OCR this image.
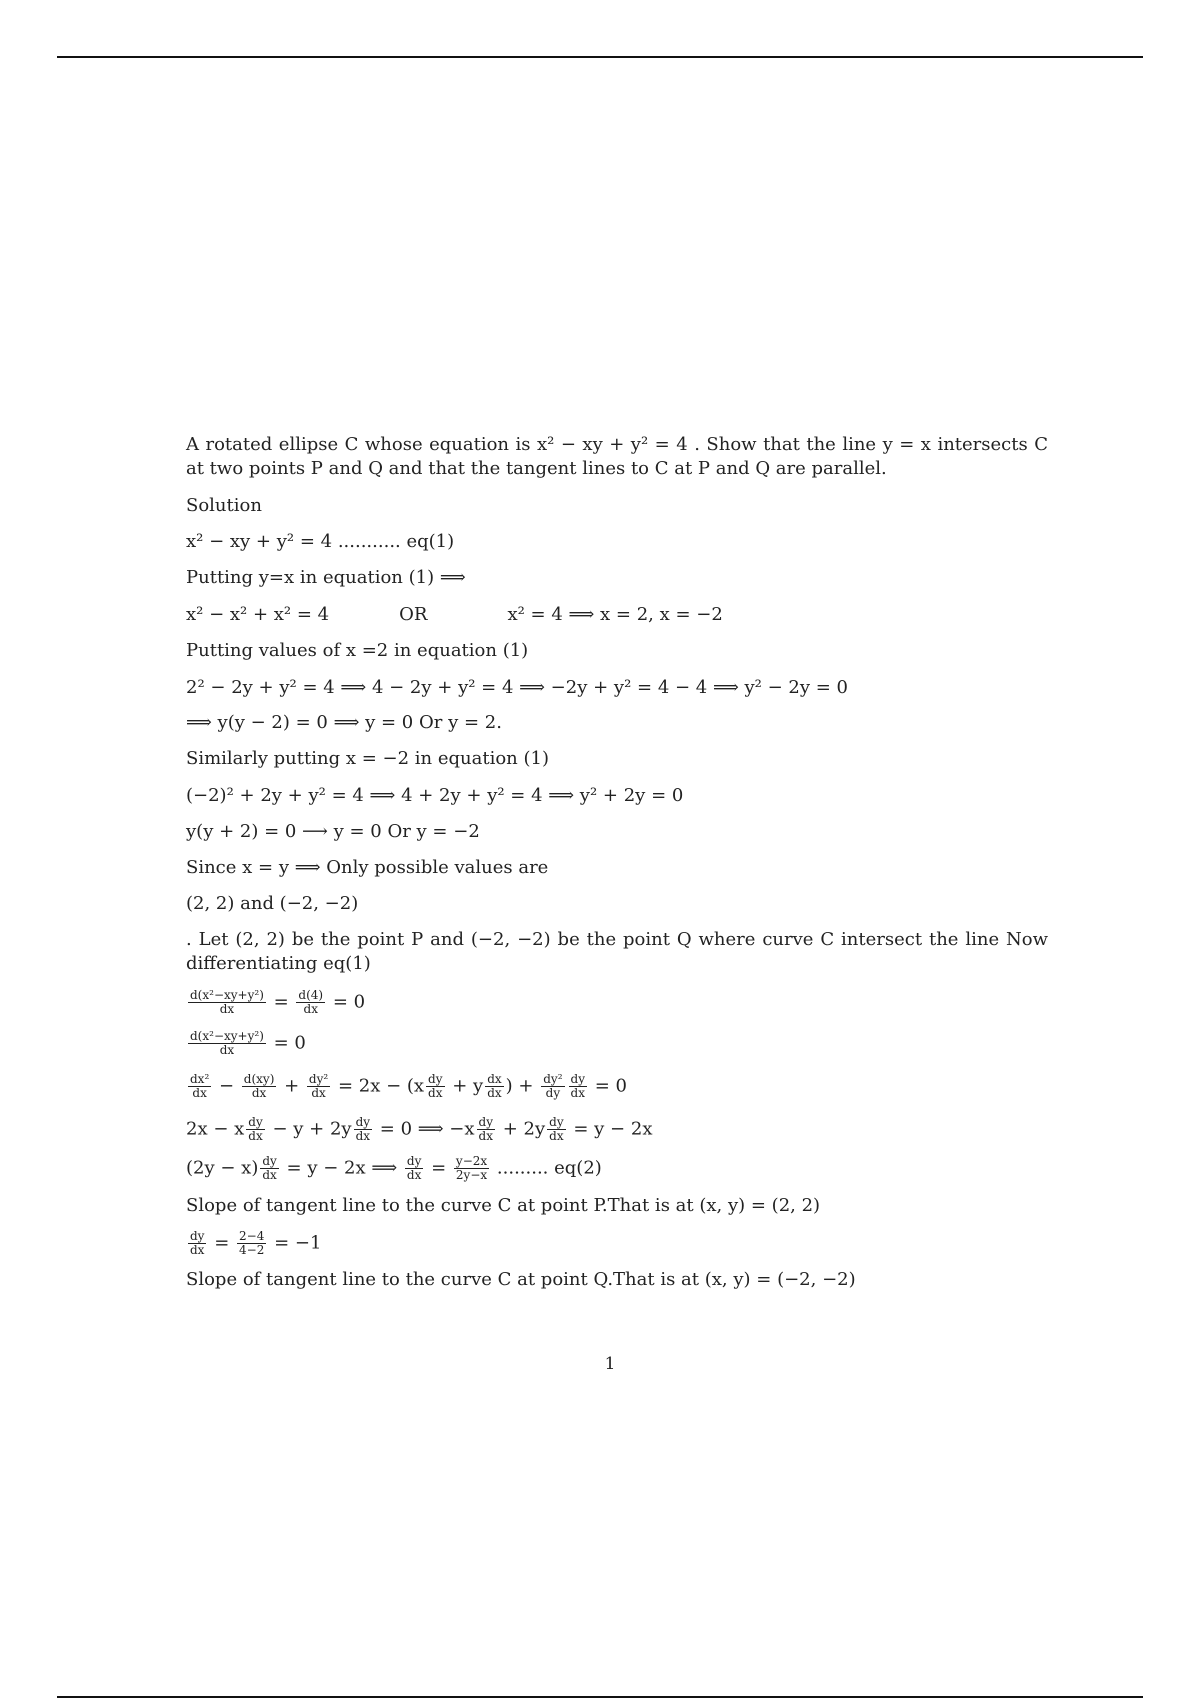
A rotated ellipse C whose equation is x² − xy + y² = 4 . Show that the line y = x intersects C at two points P and Q and that the tangent lines to C at P and Q are parallel.
Solution
x² − xy + y² = 4 ........... eq(1)
Putting y=x in equation (1) ⟹
x² − x² + x² = 4	OR	x² = 4 ⟹ x = 2, x = −2
Putting values of x =2 in equation (1)
2² − 2y + y² = 4 ⟹ 4 − 2y + y² = 4 ⟹ −2y + y² = 4 − 4 ⟹ y² − 2y = 0
⟹ y(y − 2) = 0 ⟹ y = 0 Or y = 2.
Similarly putting x = −2 in equation (1)
(−2)² + 2y + y² = 4 ⟹ 4 + 2y + y² = 4 ⟹ y² + 2y = 0
y(y + 2) = 0 ⟶ y = 0 Or y = −2
Since x = y ⟹ Only possible values are
(2, 2) and (−2, −2)
. Let (2, 2) be the point P and (−2, −2) be the point Q where curve C intersect the line Now differentiating eq(1)
$\frac{\text{d(x²−xy+y²)}}{dx} = \frac{d(4)}{dx} = 0$
$\frac{\text{d(x²−xy+y²)}}{dx} = 0$
$\frac{\text{dx²}}{dx} - \frac{d(xy)}{dx} + \frac{\text{dy²}}{dx} = 2x - (x \frac{dy}{dx} + y \frac{dx}{dx}$ ) + $\frac{\text{dy²}}{dy} \frac{dy}{dx} = 0$
2x − x $\frac{dy}{dx} - y + 2y \frac{dy}{dx} = 0$ ⟹ $-x \frac{dy}{dx} + 2y \frac{dy}{dx} = y - 2x$
$(2y - x) \frac{dy}{dx} = y - 2x$ ⟹ $\frac{dy}{dx} = \frac{y-2x}{2y-x}$ ......... eq(2)
Slope of tangent line to the curve C at point P.That is at (x, y) = (2, 2)
$\frac{dy}{dx} = \frac{2-4}{4-2} = -1$
Slope of tangent line to the curve C at point Q.That is at (x, y) = (−2, −2)
1
